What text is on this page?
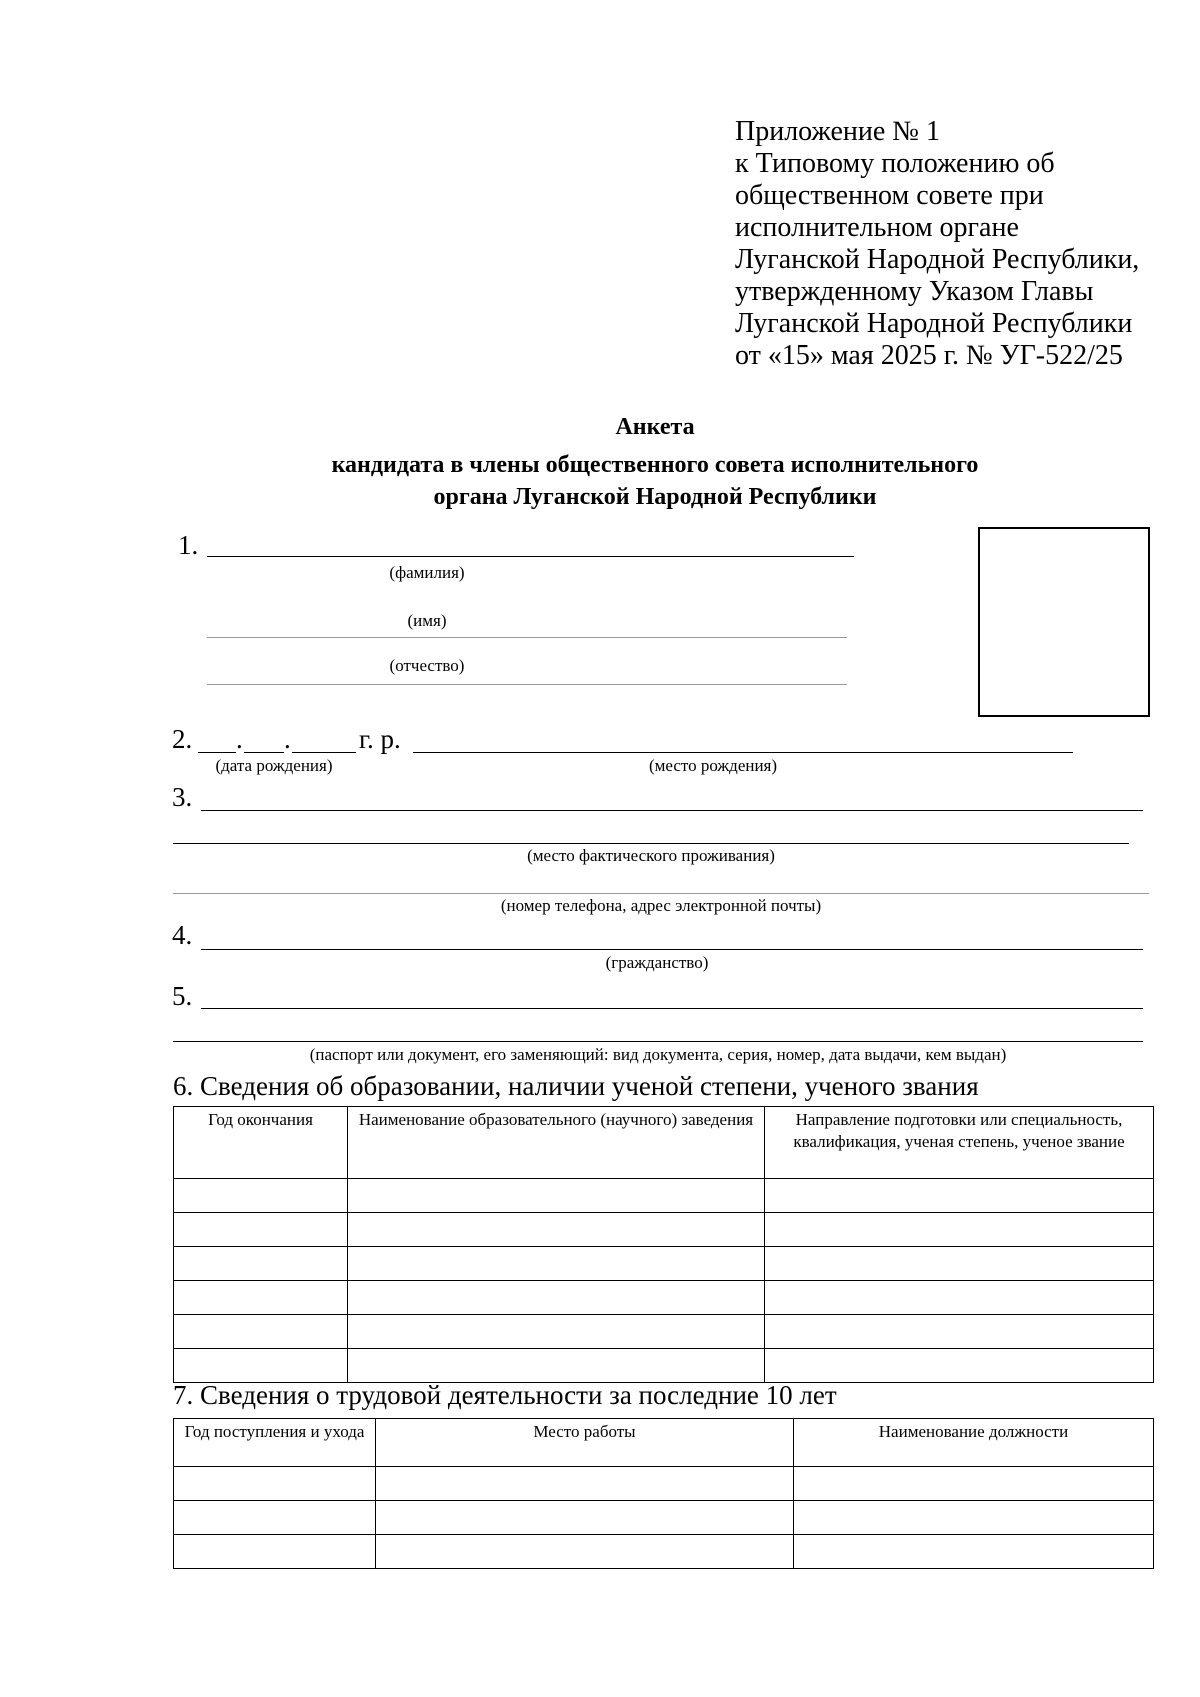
Приложение № 1
к Типовому положению об
общественном совете при
исполнительном органе
Луганской Народной Республики,
утвержденному Указом Главы
Луганской Народной Республики
от «15» мая 2025 г. № УГ-522/25
Анкета
кандидата в члены общественного совета исполнительного
органа Луганской Народной Республики
1.
(фамилия)
(имя)
(отчество)
2. . .	г. р.
(дата рождения)	(место рождения)
3.
(место фактического проживания)
(номер телефона, адрес электронной почты)
4.
(гражданство)
5.
(паспорт или документ, его заменяющий: вид документа, серия, номер, дата выдачи, кем выдан)
6. Сведения об образовании, наличии ученой степени, ученого звания
Год окончания	Наименование образовательного (научного) заведения	Направление подготовки или специальность, квалификация, ученая степень, ученое звание

7. Сведения о трудовой деятельности за последние 10 лет
Год поступления и ухода	Место работы	Наименование должности
